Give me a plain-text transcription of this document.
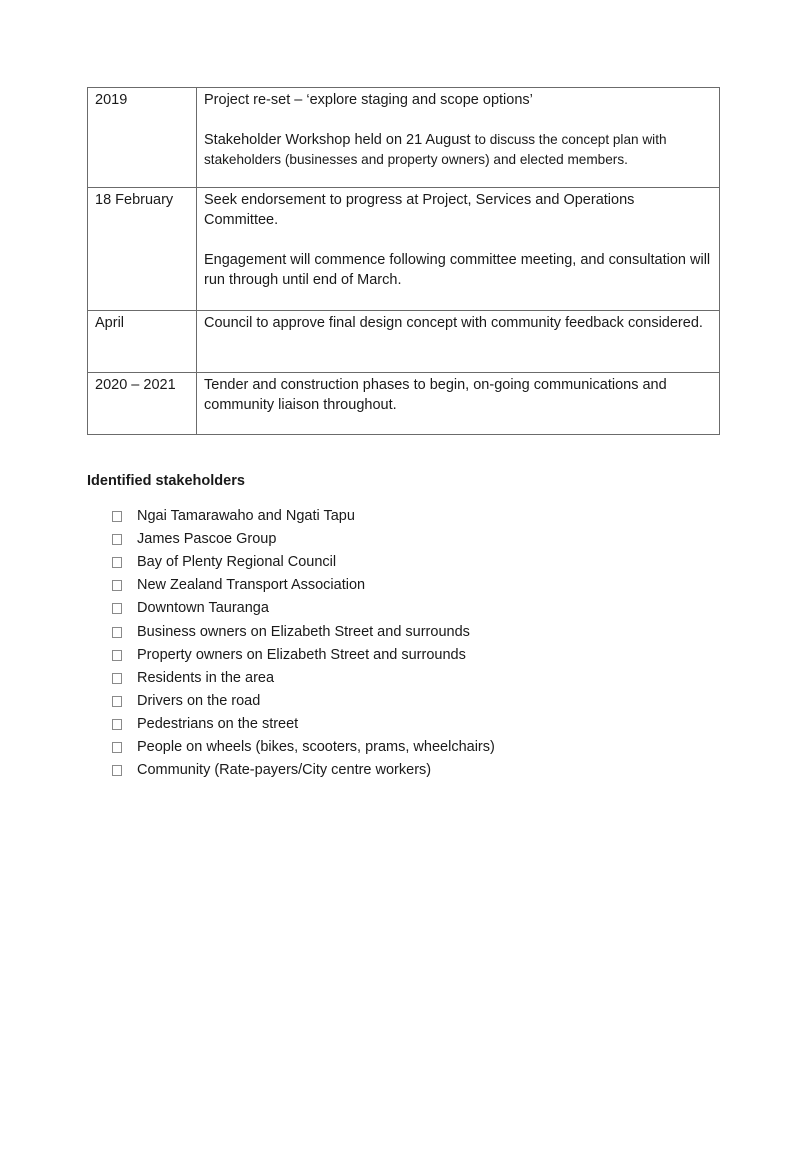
2019	Project re-set – ‘explore staging and scope options’

Stakeholder Workshop held on 21 August to discuss the concept plan with stakeholders (businesses and property owners) and elected members.

18 February	Seek endorsement to progress at Project, Services and Operations Committee.

Engagement will commence following committee meeting, and consultation will run through until end of March.

April	Council to approve final design concept with community feedback considered.

2020 – 2021	Tender and construction phases to begin, on-going communications and community liaison throughout.

Identified stakeholders
Ngai Tamarawaho and Ngati Tapu
James Pascoe Group
Bay of Plenty Regional Council
New Zealand Transport Association
Downtown Tauranga
Business owners on Elizabeth Street and surrounds
Property owners on Elizabeth Street and surrounds
Residents in the area
Drivers on the road
Pedestrians on the street
People on wheels (bikes, scooters, prams, wheelchairs)
Community (Rate-payers/City centre workers)
